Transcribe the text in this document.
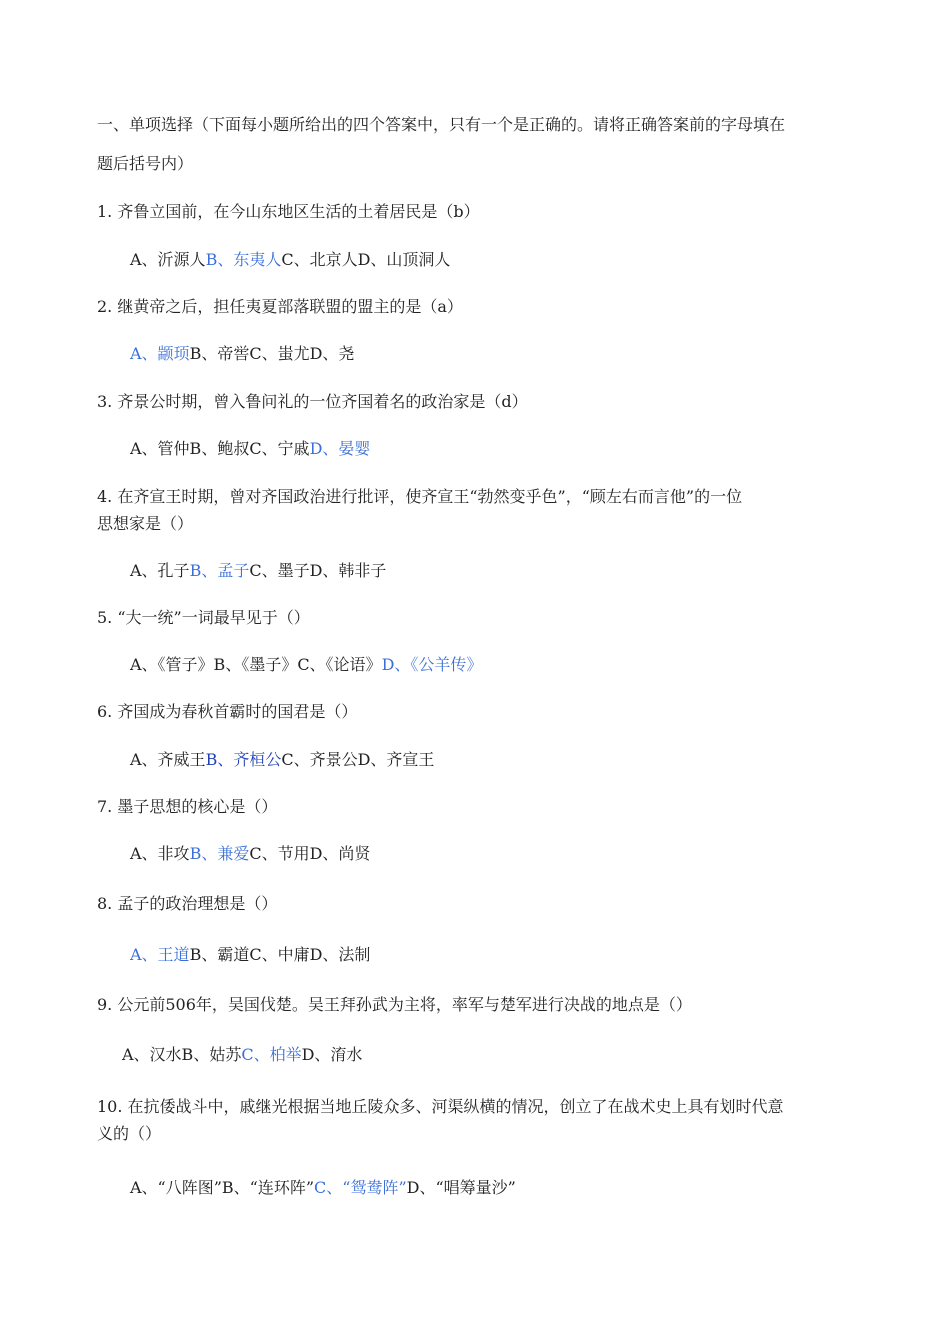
一、单项选择（下面每小题所给出的四个答案中，只有一个是正确的。请将正确答案前的字母填在
题后括号内）
1. 齐鲁立国前，在今山东地区生活的土着居民是（b）
A、沂源人B、东夷人C、北京人D、山顶洞人
2. 继黄帝之后，担任夷夏部落联盟的盟主的是（a）
A、颛顼B、帝喾C、蚩尤D、尧
3. 齐景公时期，曾入鲁问礼的一位齐国着名的政治家是（d）
A、管仲B、鲍叔C、宁戚D、晏婴
4. 在齐宣王时期，曾对齐国政治进行批评，使齐宣王“勃然变乎色”，“顾左右而言他”的一位
思想家是（）
A、孔子B、孟子C、墨子D、韩非子
5. “大一统”一词最早见于（）
A、《管子》B、《墨子》C、《论语》D、《公羊传》
6. 齐国成为春秋首霸时的国君是（）
A、齐威王B、齐桓公C、齐景公D、齐宣王
7. 墨子思想的核心是（）
A、非攻B、兼爱C、节用D、尚贤
8. 孟子的政治理想是（）
A、王道B、霸道C、中庸D、法制
9. 公元前506年，吴国伐楚。吴王拜孙武为主将，率军与楚军进行决战的地点是（）
A、汉水B、姑苏C、柏举D、淯水
10. 在抗倭战斗中，戚继光根据当地丘陵众多、河渠纵横的情况，创立了在战术史上具有划时代意
义的（）
A、“八阵图”B、“连环阵”C、“鸳鸯阵”D、“唱筹量沙”
